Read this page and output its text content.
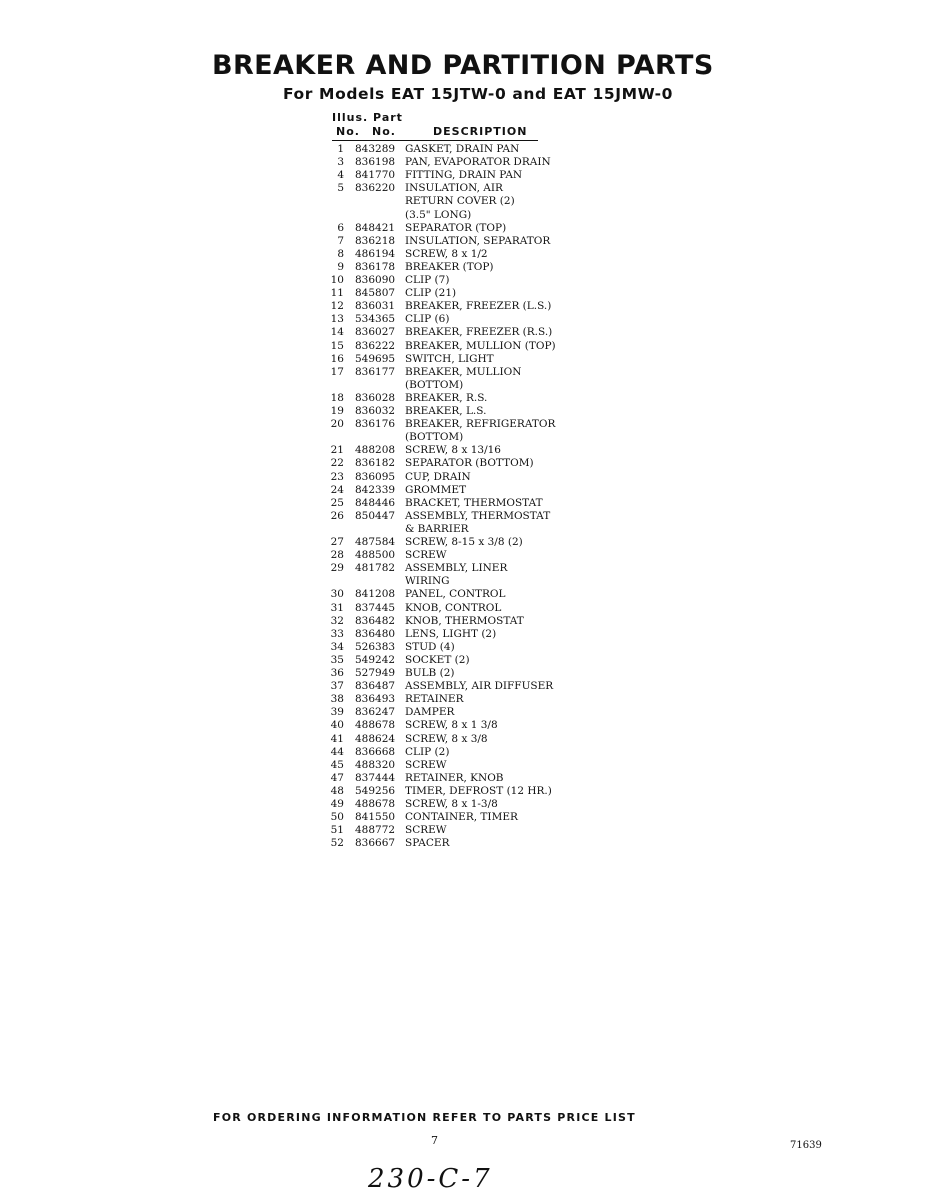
BREAKER AND PARTITION PARTS
For Models EAT 15JTW-0 and EAT 15JMW-0
Illus. Part
No. No.	DESCRIPTION
1 843289 GASKET, DRAIN PAN
3 836198 PAN, EVAPORATOR DRAIN
4 841770 FITTING, DRAIN PAN
5 836220 INSULATION, AIR
RETURN COVER (2)
(3.5" LONG)
6 848421 SEPARATOR (TOP)
7 836218 INSULATION, SEPARATOR
8 486194 SCREW, 8 x 1/2
9 836178 BREAKER (TOP)
10 836090 CLIP (7)
11 845807 CLIP (21)
12 836031 BREAKER, FREEZER (L.S.)
13 534365 CLIP (6)
14 836027 BREAKER, FREEZER (R.S.)
15 836222 BREAKER, MULLION (TOP)
16 549695 SWITCH, LIGHT
17 836177 BREAKER, MULLION
(BOTTOM)
18 836028 BREAKER, R.S.
19 836032 BREAKER, L.S.
20 836176 BREAKER, REFRIGERATOR
(BOTTOM)
21 488208 SCREW, 8 x 13/16
22 836182 SEPARATOR (BOTTOM)
23 836095 CUP, DRAIN
24 842339 GROMMET
25 848446 BRACKET, THERMOSTAT
26 850447 ASSEMBLY, THERMOSTAT
& BARRIER
27 487584 SCREW, 8-15 x 3/8 (2)
28 488500 SCREW
29 481782 ASSEMBLY, LINER
WIRING
30 841208 PANEL, CONTROL
31 837445 KNOB, CONTROL
32 836482 KNOB, THERMOSTAT
33 836480 LENS, LIGHT (2)
34 526383 STUD (4)
35 549242 SOCKET (2)
36 527949 BULB (2)
37 836487 ASSEMBLY, AIR DIFFUSER
38 836493 RETAINER
39 836247 DAMPER
40 488678 SCREW, 8 x 1 3/8
41 488624 SCREW, 8 x 3/8
44 836668 CLIP (2)
45 488320 SCREW
47 837444 RETAINER, KNOB
48 549256 TIMER, DEFROST (12 HR.)
49 488678 SCREW, 8 x 1-3/8
50 841550 CONTAINER, TIMER
51 488772 SCREW
52 836667 SPACER
FOR ORDERING INFORMATION REFER TO PARTS PRICE LIST
7	71639
230-C-7
